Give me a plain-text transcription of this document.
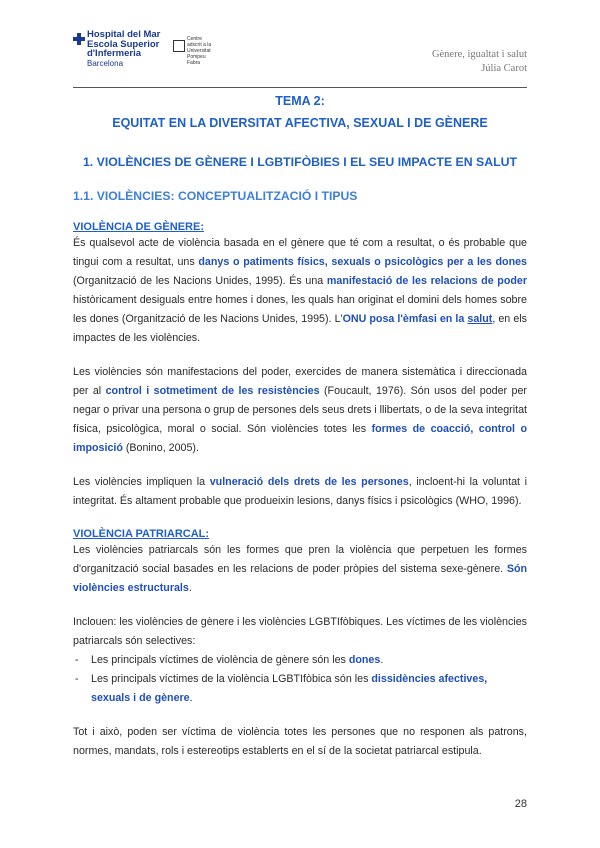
Hospital del Mar
Escola Superior
d'Infermeria
Barcelona
Centre
adscrit a la
Universitat
Pompeu Fabra
Gènere, igualtat i salut
Júlia Carot

TEMA 2:

EQUITAT EN LA DIVERSITAT AFECTIVA, SEXUAL I DE GÈNERE

1. VIOLÈNCIES DE GÈNERE I LGBTIFÒBIES I EL SEU IMPACTE EN SALUT

1.1. VIOLÈNCIES: CONCEPTUALITZACIÓ I TIPUS

VIOLÈNCIA DE GÈNERE:

És qualsevol acte de violència basada en el gènere que té com a resultat, o és probable que tingui com a resultat, uns danys o patiments físics, sexuals o psicològics per a les dones (Organització de les Nacions Unides, 1995). És una manifestació de les relacions de poder històricament desiguals entre homes i dones, les quals han originat el domini dels homes sobre les dones (Organització de les Nacions Unides, 1995). L'ONU posa l'èmfasi en la salut, en els impactes de les violències.

Les violències són manifestacions del poder, exercides de manera sistemàtica i direccionada per al control i sotmetiment de les resistències (Foucault, 1976). Són usos del poder per negar o privar una persona o grup de persones dels seus drets i llibertats, o de la seva integritat física, psicològica, moral o social. Són violències totes les formes de coacció, control o imposició (Bonino, 2005).

Les violències impliquen la vulneració dels drets de les persones, incloent-hi la voluntat i integritat. És altament probable que produeixin lesions, danys físics i psicològics (WHO, 1996).

VIOLÈNCIA PATRIARCAL:

Les violències patriarcals són les formes que pren la violència que perpetuen les formes d'organització social basades en les relacions de poder pròpies del sistema sexe-gènere. Són violències estructurals.

Inclouen: les violències de gènere i les violències LGBTIfòbiques. Les víctimes de les violències patriarcals són selectives:

- Les principals víctimes de violència de gènere són les dones.
- Les principals víctimes de la violència LGBTIfòbica són les dissidències afectives, sexuals i de gènere.

Tot i això, poden ser víctima de violència totes les persones que no responen als patrons, normes, mandats, rols i estereotips establerts en el sí de la societat patriarcal estipula.

28
